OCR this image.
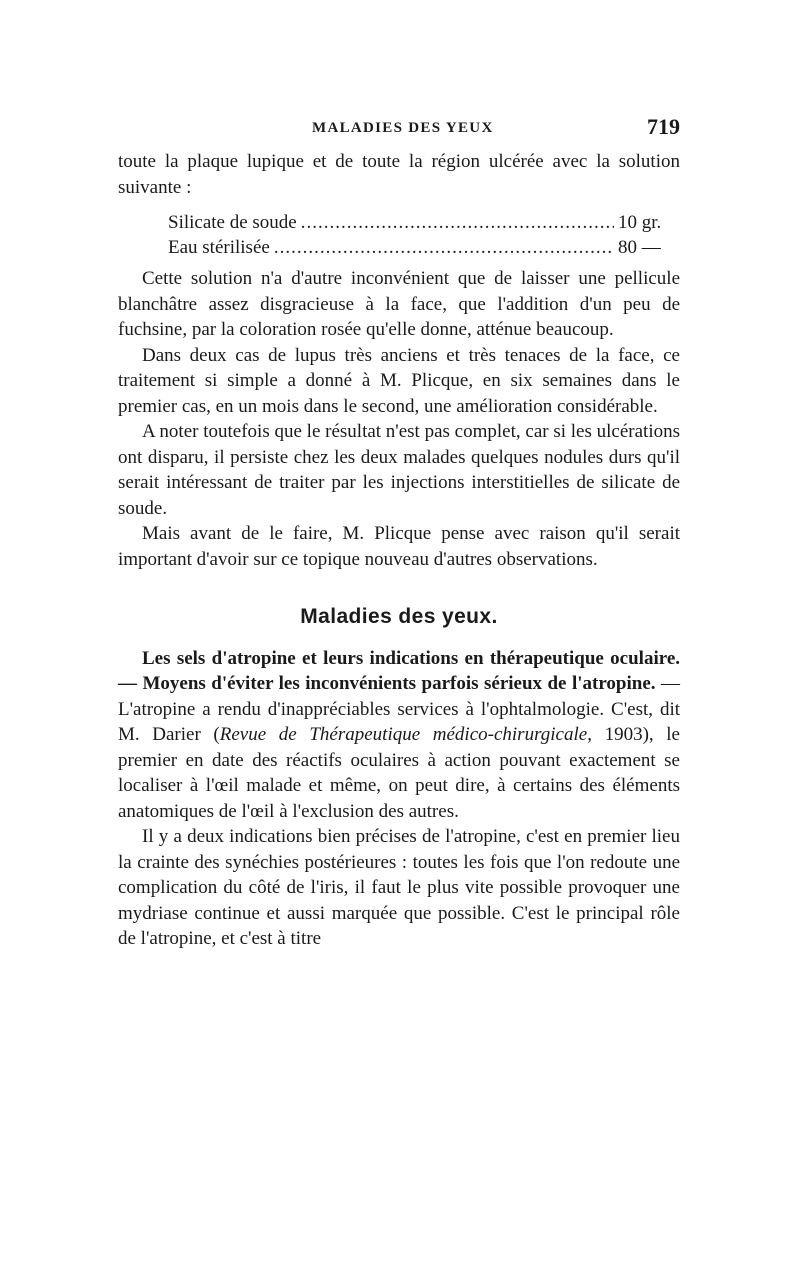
MALADIES DES YEUX	719

toute la plaque lupique et de toute la région ulcérée avec la solution suivante :

Silicate de soude .....	10 gr.
Eau stérilisée .....	80 —

Cette solution n'a d'autre inconvénient que de laisser une pellicule blanchâtre assez disgracieuse à la face, que l'addition d'un peu de fuchsine, par la coloration rosée qu'elle donne, atténue beaucoup.

Dans deux cas de lupus très anciens et très tenaces de la face, ce traitement si simple a donné à M. Plicque, en six semaines dans le premier cas, en un mois dans le second, une amélioration considérable.

A noter toutefois que le résultat n'est pas complet, car si les ulcérations ont disparu, il persiste chez les deux malades quelques nodules durs qu'il serait intéressant de traiter par les injections interstitielles de silicate de soude.

Mais avant de le faire, M. Plicque pense avec raison qu'il serait important d'avoir sur ce topique nouveau d'autres observations.

Maladies des yeux.

Les sels d'atropine et leurs indications en thérapeutique oculaire. — Moyens d'éviter les inconvénients parfois sérieux de l'atropine. — L'atropine a rendu d'inappréciables services à l'ophtalmologie. C'est, dit M. Darier (Revue de Thérapeutique médico-chirurgicale, 1903), le premier en date des réactifs oculaires à action pouvant exactement se localiser à l'œil malade et même, on peut dire, à certains des éléments anatomiques de l'œil à l'exclusion des autres.

Il y a deux indications bien précises de l'atropine, c'est en premier lieu la crainte des synéchies postérieures : toutes les fois que l'on redoute une complication du côté de l'iris, il faut le plus vite possible provoquer une mydriase continue et aussi marquée que possible. C'est le principal rôle de l'atropine, et c'est à titre
